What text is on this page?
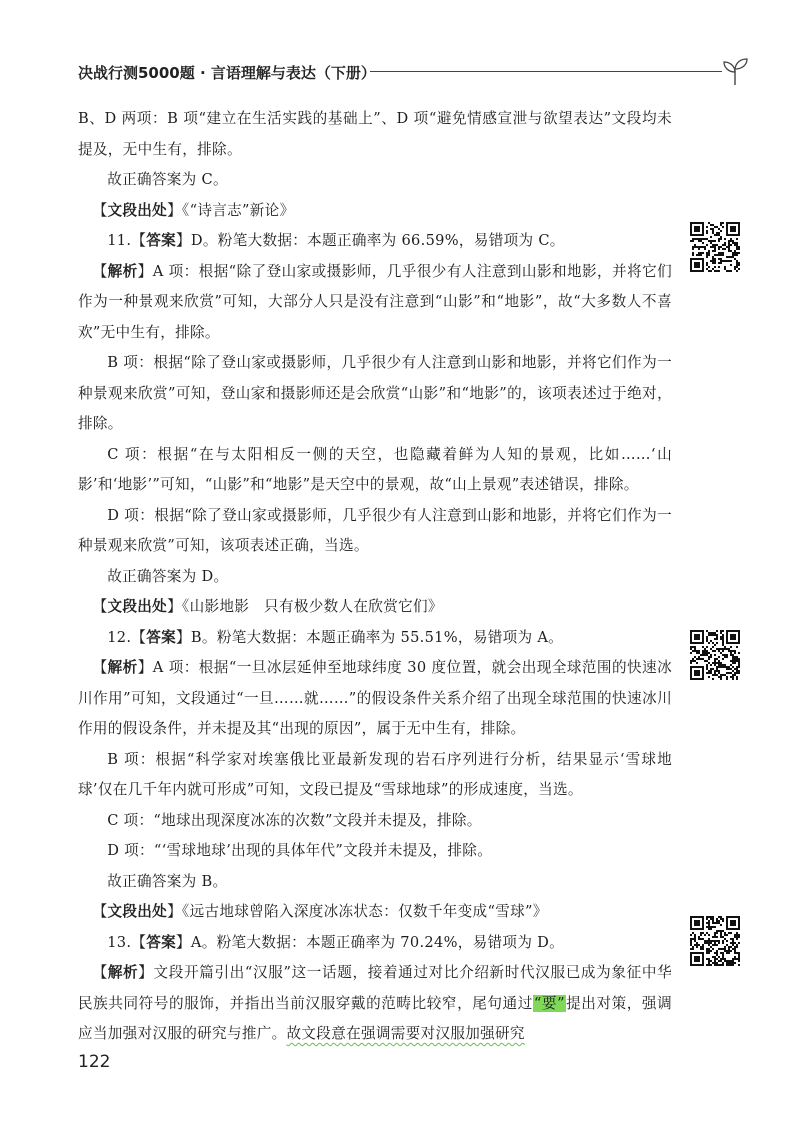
决战行测5000题 · 言语理解与表达（下册）

B、D 两项：B 项“建立在生活实践的基础上”、D 项“避免情感宣泄与欲望表达”文段均未提及，无中生有，排除。

故正确答案为 C。

【文段出处】《“诗言志”新论》

11.【答案】D。粉笔大数据：本题正确率为 66.59%，易错项为 C。

【解析】A 项：根据“除了登山家或摄影师，几乎很少有人注意到山影和地影，并将它们作为一种景观来欣赏”可知，大部分人只是没有注意到“山影”和“地影”，故“大多数人不喜欢”无中生有，排除。

B 项：根据“除了登山家或摄影师，几乎很少有人注意到山影和地影，并将它们作为一种景观来欣赏”可知，登山家和摄影师还是会欣赏“山影”和“地影”的，该项表述过于绝对，排除。

C 项：根据“在与太阳相反一侧的天空，也隐藏着鲜为人知的景观，比如……‘山影’和‘地影’”可知，“山影”和“地影”是天空中的景观，故“山上景观”表述错误，排除。

D 项：根据“除了登山家或摄影师，几乎很少有人注意到山影和地影，并将它们作为一种景观来欣赏”可知，该项表述正确，当选。

故正确答案为 D。

【文段出处】《山影地影　只有极少数人在欣赏它们》

12.【答案】B。粉笔大数据：本题正确率为 55.51%，易错项为 A。

【解析】A 项：根据“一旦冰层延伸至地球纬度 30 度位置，就会出现全球范围的快速冰川作用”可知，文段通过“一旦……就……”的假设条件关系介绍了出现全球范围的快速冰川作用的假设条件，并未提及其“出现的原因”，属于无中生有，排除。

B 项：根据“科学家对埃塞俄比亚最新发现的岩石序列进行分析，结果显示‘雪球地球’仅在几千年内就可形成”可知，文段已提及“雪球地球”的形成速度，当选。

C 项：“地球出现深度冰冻的次数”文段并未提及，排除。

D 项：“‘雪球地球’出现的具体年代”文段并未提及，排除。

故正确答案为 B。

【文段出处】《远古地球曾陷入深度冰冻状态：仅数千年变成“雪球”》

13.【答案】A。粉笔大数据：本题正确率为 70.24%，易错项为 D。

【解析】文段开篇引出“汉服”这一话题，接着通过对比介绍新时代汉服已成为象征中华民族共同符号的服饰，并指出当前汉服穿戴的范畴比较窄，尾句通过“要”提出对策，强调应当加强对汉服的研究与推广。故文段意在强调需要对汉服加强研究

122
